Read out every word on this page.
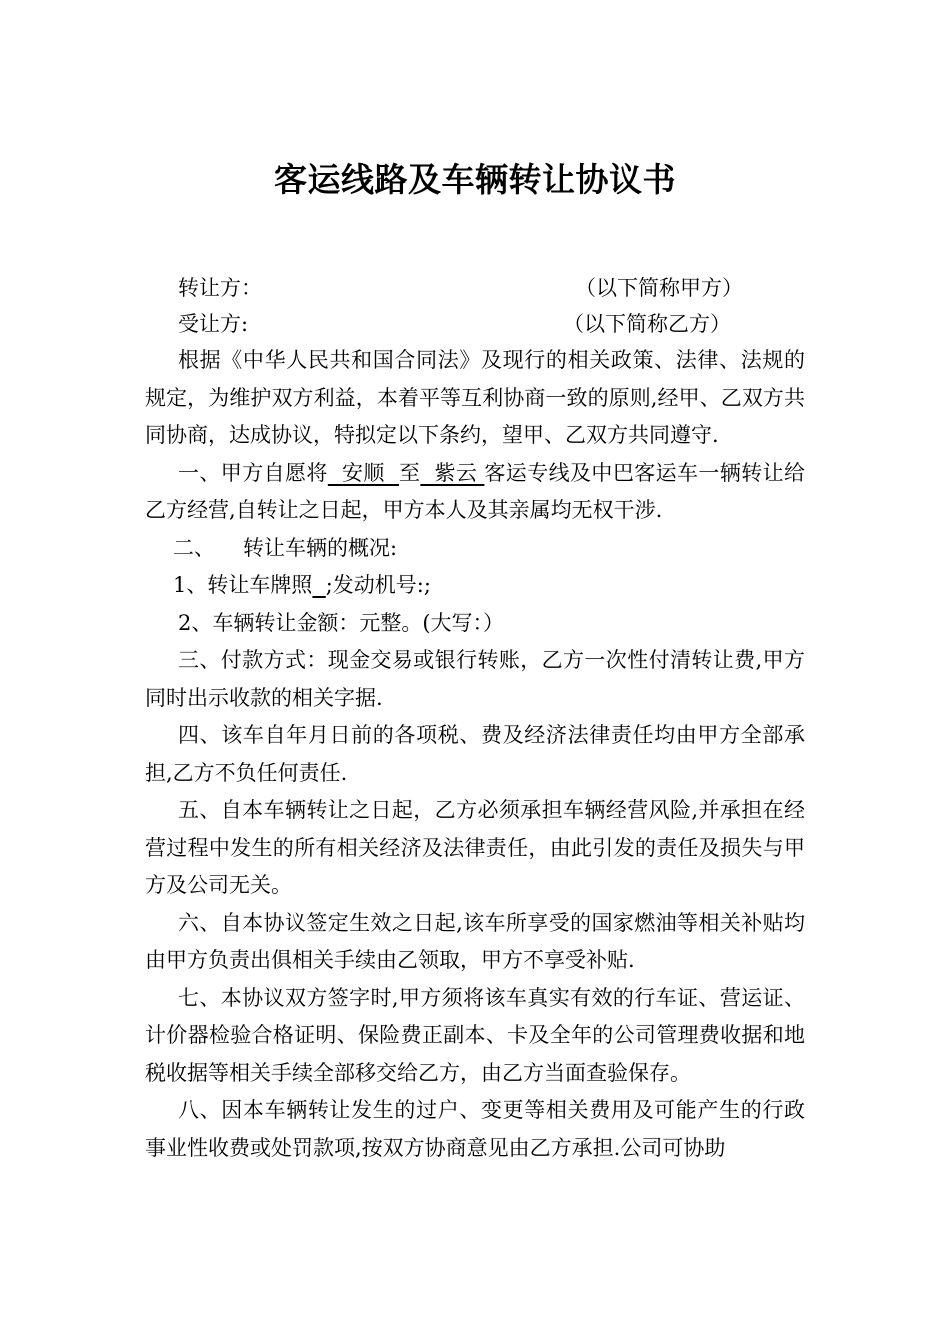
客运线路及车辆转让协议书
转让方：	（以下简称甲方）
受让方:	（以下简称乙方）

根据《中华人民共和国合同法》及现行的相关政策、法律、法规的规定，为维护双方利益，本着平等互利协商一致的原则,经甲、乙双方共同协商，达成协议，特拟定以下条约，望甲、乙双方共同遵守.

一、甲方自愿将  安顺  至  紫云 客运专线及中巴客运车一辆转让给乙方经营,自转让之日起，甲方本人及其亲属均无权干涉.

二、 转让车辆的概况:

1、转让车牌照 ;发动机号:;

2、车辆转让金额：元整。(大写：）

三、付款方式：现金交易或银行转账，乙方一次性付清转让费,甲方同时出示收款的相关字据.

四、该车自年月日前的各项税、费及经济法律责任均由甲方全部承担,乙方不负任何责任.

五、自本车辆转让之日起，乙方必须承担车辆经营风险,并承担在经营过程中发生的所有相关经济及法律责任，由此引发的责任及损失与甲方及公司无关。

六、自本协议签定生效之日起,该车所享受的国家燃油等相关补贴均由甲方负责出俱相关手续由乙领取，甲方不享受补贴.

七、本协议双方签字时,甲方须将该车真实有效的行车证、营运证、计价器检验合格证明、保险费正副本、卡及全年的公司管理费收据和地税收据等相关手续全部移交给乙方，由乙方当面查验保存。

八、因本车辆转让发生的过户、变更等相关费用及可能产生的行政事业性收费或处罚款项,按双方协商意见由乙方承担.公司可协助
